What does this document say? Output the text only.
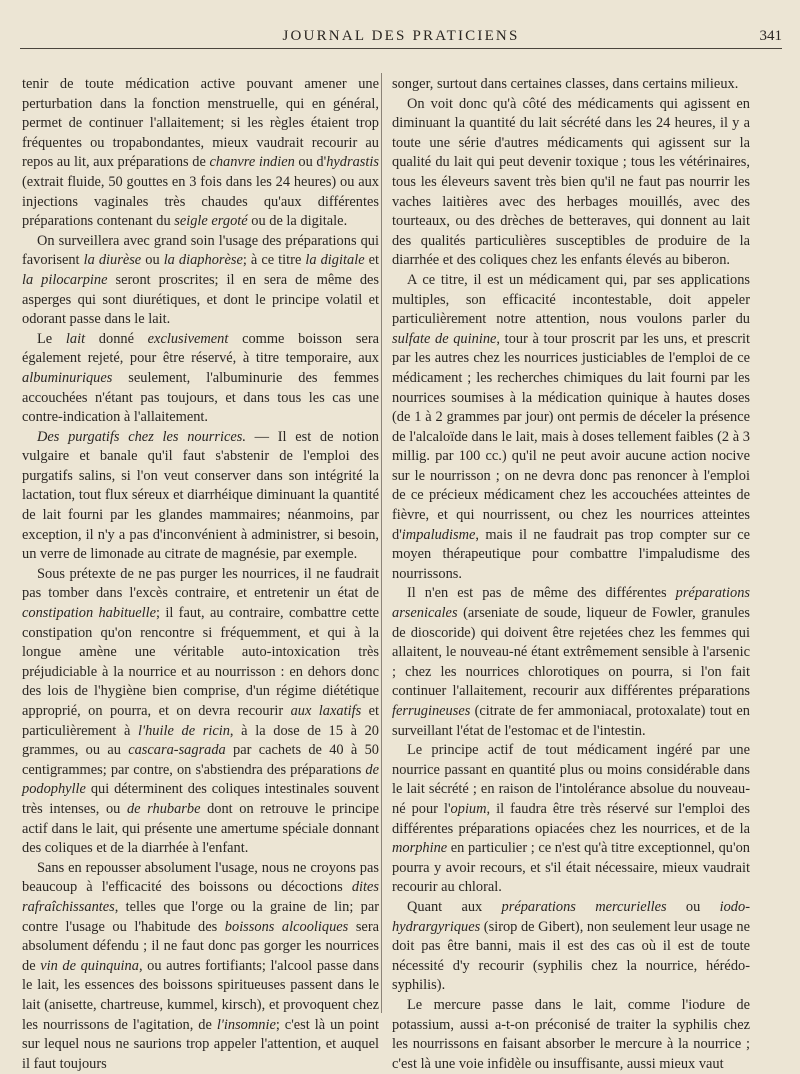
JOURNAL DES PRATICIENS	341

tenir de toute médication active pouvant amener une perturbation dans la fonction menstruelle, qui en général, permet de continuer l'allaitement; si les règles étaient trop fréquentes ou tropabondantes, mieux vaudrait recourir au repos au lit, aux préparations de chanvre indien ou d'hydrastis (extrait fluide, 50 gouttes en 3 fois dans les 24 heures) ou aux injections vaginales très chaudes qu'aux différentes préparations contenant du seigle ergoté ou de la digitale.

On surveillera avec grand soin l'usage des préparations qui favorisent la diurèse ou la diaphorèse; à ce titre la digitale et la pilocarpine seront proscrites; il en sera de même des asperges qui sont diurétiques, et dont le principe volatil et odorant passe dans le lait.

Le lait donné exclusivement comme boisson sera également rejeté, pour être réservé, à titre temporaire, aux albuminuriques seulement, l'albuminurie des femmes accouchées n'étant pas toujours, et dans tous les cas une contre-indication à l'allaitement.

Des purgatifs chez les nourrices. — Il est de notion vulgaire et banale qu'il faut s'abstenir de l'emploi des purgatifs salins, si l'on veut conserver dans son intégrité la lactation, tout flux séreux et diarrhéique diminuant la quantité de lait fourni par les glandes mammaires; néanmoins, par exception, il n'y a pas d'inconvénient à administrer, si besoin, un verre de limonade au citrate de magnésie, par exemple.

Sous prétexte de ne pas purger les nourrices, il ne faudrait pas tomber dans l'excès contraire, et entretenir un état de constipation habituelle; il faut, au contraire, combattre cette constipation qu'on rencontre si fréquemment, et qui à la longue amène une véritable auto-intoxication très préjudiciable à la nourrice et au nourrisson : en dehors donc des lois de l'hygiène bien comprise, d'un régime diététique approprié, on pourra, et on devra recourir aux laxatifs et particulièrement à l'huile de ricin, à la dose de 15 à 20 grammes, ou au cascara-sagrada par cachets de 40 à 50 centigrammes; par contre, on s'abstiendra des préparations de podophylle qui déterminent des coliques intestinales souvent très intenses, ou de rhubarbe dont on retrouve le principe actif dans le lait, qui présente une amertume spéciale donnant des coliques et de la diarrhée à l'enfant.

Sans en repousser absolument l'usage, nous ne croyons pas beaucoup à l'efficacité des boissons ou décoctions dites rafraîchissantes, telles que l'orge ou la graine de lin; par contre l'usage ou l'habitude des boissons alcooliques sera absolument défendu ; il ne faut donc pas gorger les nourrices de vin de quinquina, ou autres fortifiants; l'alcool passe dans le lait, les essences des boissons spiritueuses passent dans le lait (anisette, chartreuse, kummel, kirsch), et provoquent chez les nourrissons de l'agitation, de l'insomnie; c'est là un point sur lequel nous ne saurions trop appeler l'attention, et auquel il faut toujours

songer, surtout dans certaines classes, dans certains milieux.

On voit donc qu'à côté des médicaments qui agissent en diminuant la quantité du lait sécrété dans les 24 heures, il y a toute une série d'autres médicaments qui agissent sur la qualité du lait qui peut devenir toxique ; tous les vétérinaires, tous les éleveurs savent très bien qu'il ne faut pas nourrir les vaches laitières avec des herbages mouillés, avec des tourteaux, ou des drèches de betteraves, qui donnent au lait des qualités particulières susceptibles de produire de la diarrhée et des coliques chez les enfants élevés au biberon.

A ce titre, il est un médicament qui, par ses applications multiples, son efficacité incontestable, doit appeler particulièrement notre attention, nous voulons parler du sulfate de quinine, tour à tour proscrit par les uns, et prescrit par les autres chez les nourrices justiciables de l'emploi de ce médicament ; les recherches chimiques du lait fourni par les nourrices soumises à la médication quinique à hautes doses (de 1 à 2 grammes par jour) ont permis de déceler la présence de l'alcaloïde dans le lait, mais à doses tellement faibles (2 à 3 millig. par 100 cc.) qu'il ne peut avoir aucune action nocive sur le nourrisson ; on ne devra donc pas renoncer à l'emploi de ce précieux médicament chez les accouchées atteintes de fièvre, et qui nourrissent, ou chez les nourrices atteintes d'impaludisme, mais il ne faudrait pas trop compter sur ce moyen thérapeutique pour combattre l'impaludisme des nourrissons.

Il n'en est pas de même des différentes préparations arsenicales (arseniate de soude, liqueur de Fowler, granules de dioscoride) qui doivent être rejetées chez les femmes qui allaitent, le nouveau-né étant extrêmement sensible à l'arsenic ; chez les nourrices chlorotiques on pourra, si l'on fait continuer l'allaitement, recourir aux différentes préparations ferrugineuses (citrate de fer ammoniacal, protoxalate) tout en surveillant l'état de l'estomac et de l'intestin.

Le principe actif de tout médicament ingéré par une nourrice passant en quantité plus ou moins considérable dans le lait sécrété ; en raison de l'intolérance absolue du nouveau-né pour l'opium, il faudra être très réservé sur l'emploi des différentes préparations opiacées chez les nourrices, et de la morphine en particulier ; ce n'est qu'à titre exceptionnel, qu'on pourra y avoir recours, et s'il était nécessaire, mieux vaudrait recourir au chloral.

Quant aux préparations mercurielles ou iodo-hydrargyriques (sirop de Gibert), non seulement leur usage ne doit pas être banni, mais il est des cas où il est de toute nécessité d'y recourir (syphilis chez la nourrice, hérédo-syphilis).

Le mercure passe dans le lait, comme l'iodure de potassium, aussi a-t-on préconisé de traiter la syphilis chez les nourrissons en faisant absorber le mercure à la nourrice ; c'est là une voie infidèle ou insuffisante, aussi mieux vaut
